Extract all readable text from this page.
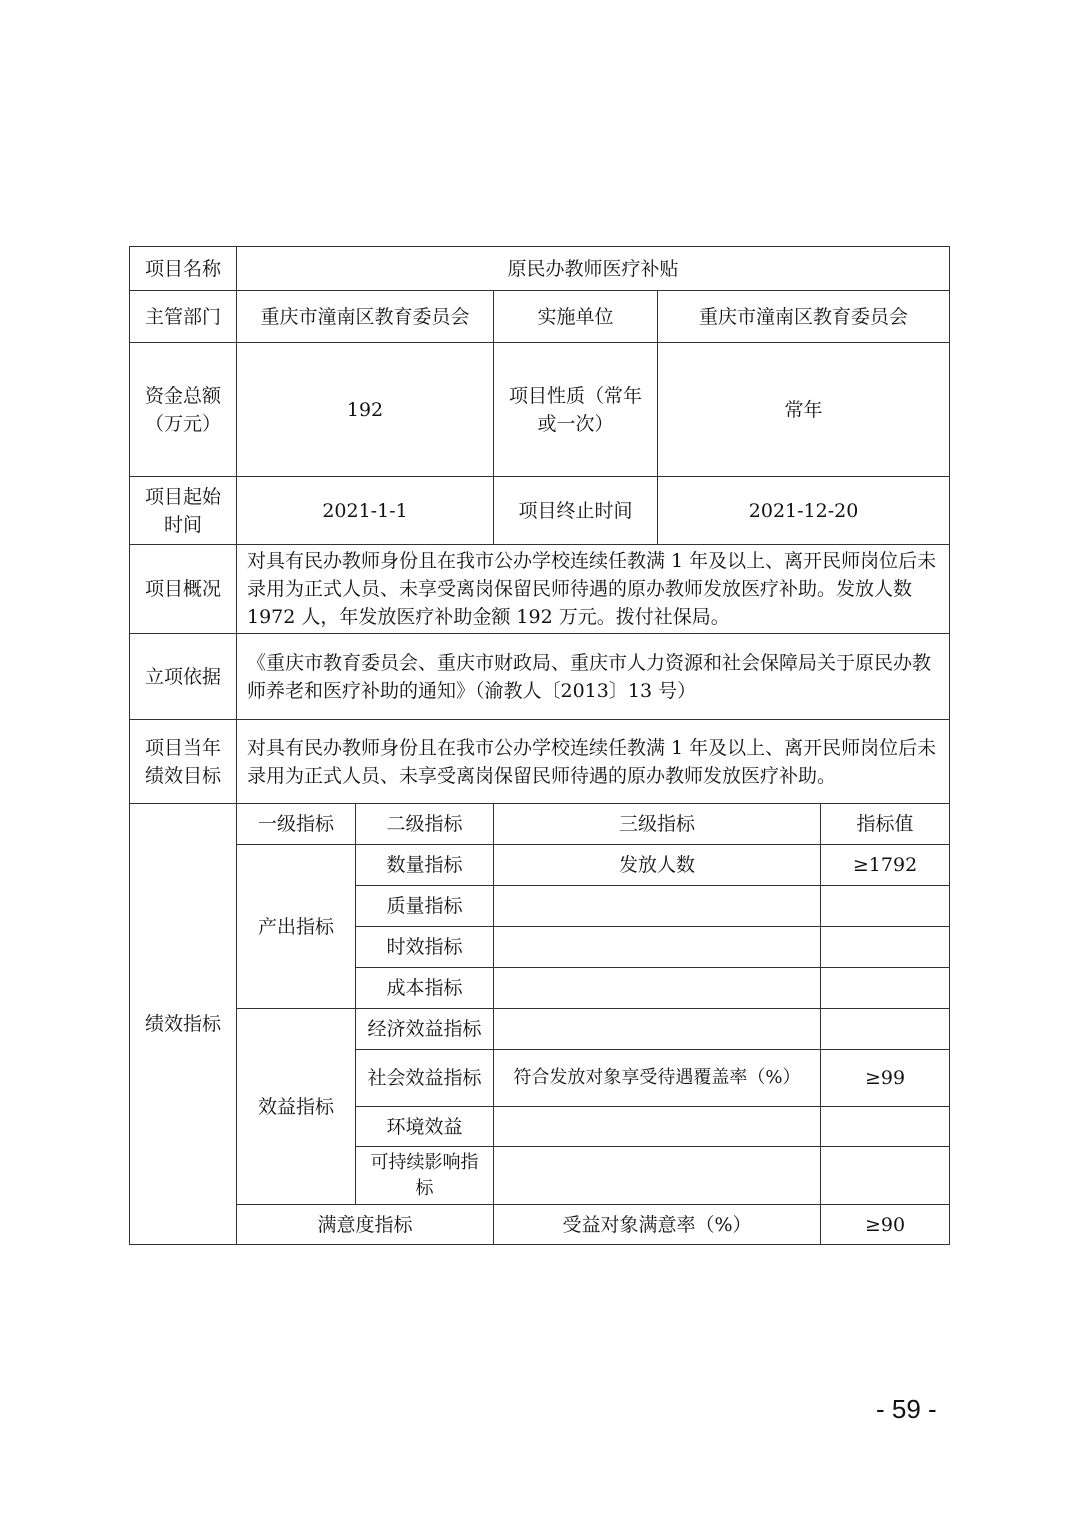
项目名称	原民办教师医疗补贴				
主管部门	重庆市潼南区教育委员会		实施单位	重庆市潼南区教育委员会	
资金总额（万元）	192		项目性质（常年或一次）	常年	
项目起始时间	2021-1-1		项目终止时间	2021-12-20	
项目概况	对具有民办教师身份且在我市公办学校连续任教满 1 年及以上、离开民师岗位后未录用为正式人员、未享受离岗保留民师待遇的原办教师发放医疗补助。发放人数 1972 人，年发放医疗补助金额 192 万元。拨付社保局。				
立项依据	《重庆市教育委员会、重庆市财政局、重庆市人力资源和社会保障局关于原民办教师养老和医疗补助的通知》（渝教人〔2013〕13 号）				
项目当年绩效目标	对具有民办教师身份且在我市公办学校连续任教满 1 年及以上、离开民师岗位后未录用为正式人员、未享受离岗保留民师待遇的原办教师发放医疗补助。				
绩效指标	一级指标	二级指标	三级指标		指标值
	产出指标	数量指标	发放人数		≥1792
		质量指标			
		时效指标			
		成本指标			
	效益指标	经济效益指标			
		社会效益指标	符合发放对象享受待遇覆盖率（%）		≥99
		环境效益			
		可持续影响指标			
	满意度指标		受益对象满意率（%）		≥90
- 59 -
